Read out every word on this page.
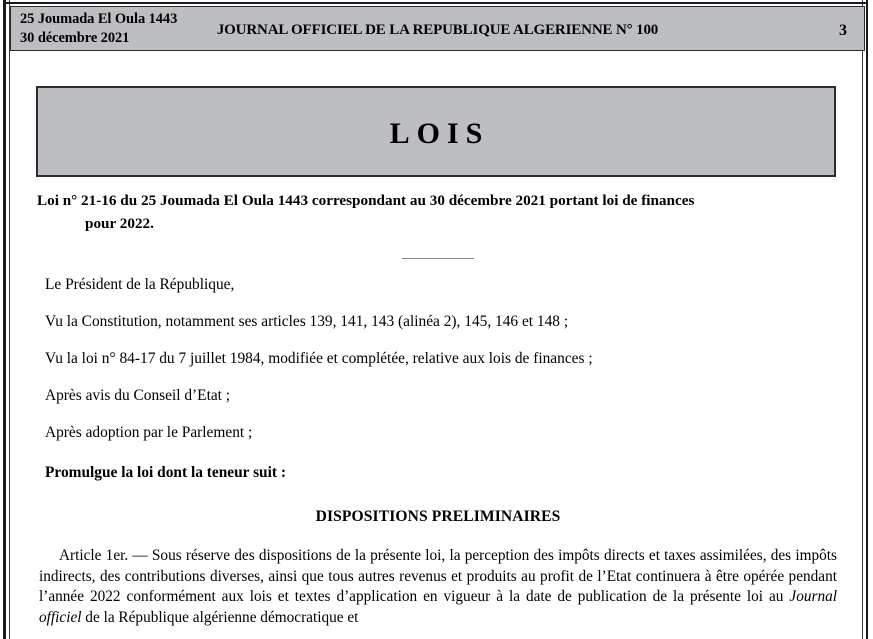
25 Joumada El Oula 1443
30 décembre 2021	JOURNAL OFFICIEL DE LA REPUBLIQUE ALGERIENNE N° 100	3
LOIS

Loi n° 21-16 du 25 Joumada El Oula 1443 correspondant au 30 décembre 2021 portant loi de finances
pour 2022.

Le Président de la République,

Vu la Constitution, notamment ses articles 139, 141, 143 (alinéa 2), 145, 146 et 148 ;

Vu la loi n° 84-17 du 7 juillet 1984, modifiée et complétée, relative aux lois de finances ;

Après avis du Conseil d’Etat ;

Après adoption par le Parlement ;

Promulgue la loi dont la teneur suit :

DISPOSITIONS PRELIMINAIRES

Article 1er. — Sous réserve des dispositions de la présente loi, la perception des impôts directs et taxes assimilées, des impôts indirects, des contributions diverses, ainsi que tous autres revenus et produits au profit de l’Etat continuera à être opérée pendant l’année 2022 conformément aux lois et textes d’application en vigueur à la date de publication de la présente loi au Journal officiel de la République algérienne démocratique et
